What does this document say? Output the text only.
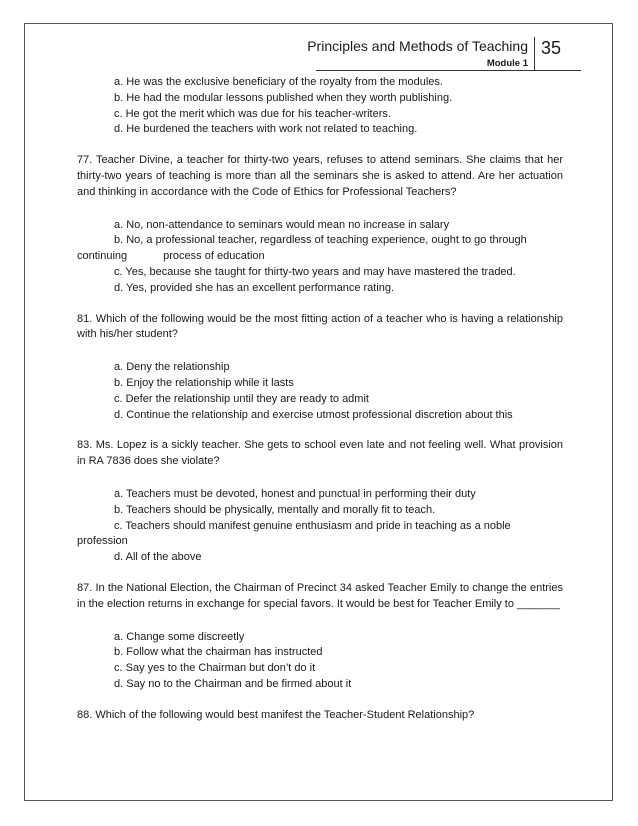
Principles and Methods of Teaching
Module 1
35

a. He was the exclusive beneficiary of the royalty from the modules.

b. He had the modular lessons published when they worth publishing.

c. He got the merit which was due for his teacher-writers.

d. He burdened the teachers with work not related to teaching.

77. Teacher Divine, a teacher for thirty-two years, refuses to attend seminars. She claims that her thirty-two years of teaching is more than all the seminars she is asked to attend. Are her actuation and thinking in accordance with the Code of Ethics for Professional Teachers?

a. No, non-attendance to seminars would mean no increase in salary

b. No, a professional teacher, regardless of teaching experience, ought to go through

continuing	process of education

c. Yes, because she taught for thirty-two years and may have mastered the traded.

d. Yes, provided she has an excellent performance rating.

81. Which of the following would be the most fitting action of a teacher who is having a relationship with his/her student?

a. Deny the relationship

b. Enjoy the relationship while it lasts

c. Defer the relationship until they are ready to admit

d. Continue the relationship and exercise utmost professional discretion about this

83. Ms. Lopez is a sickly teacher. She gets to school even late and not feeling well. What provision in RA 7836 does she violate?

a. Teachers must be devoted, honest and punctual in performing their duty

b. Teachers should be physically, mentally and morally fit to teach.

c. Teachers should manifest genuine enthusiasm and pride in teaching as a noble

profession

d. All of the above

87. In the National Election, the Chairman of Precinct 34 asked Teacher Emily to change the entries in the election returns in exchange for special favors. It would be best for Teacher Emily to _______

a. Change some discreetly

b. Follow what the chairman has instructed

c. Say yes to the Chairman but don’t do it

d. Say no to the Chairman and be firmed about it

88. Which of the following would best manifest the Teacher-Student Relationship?
